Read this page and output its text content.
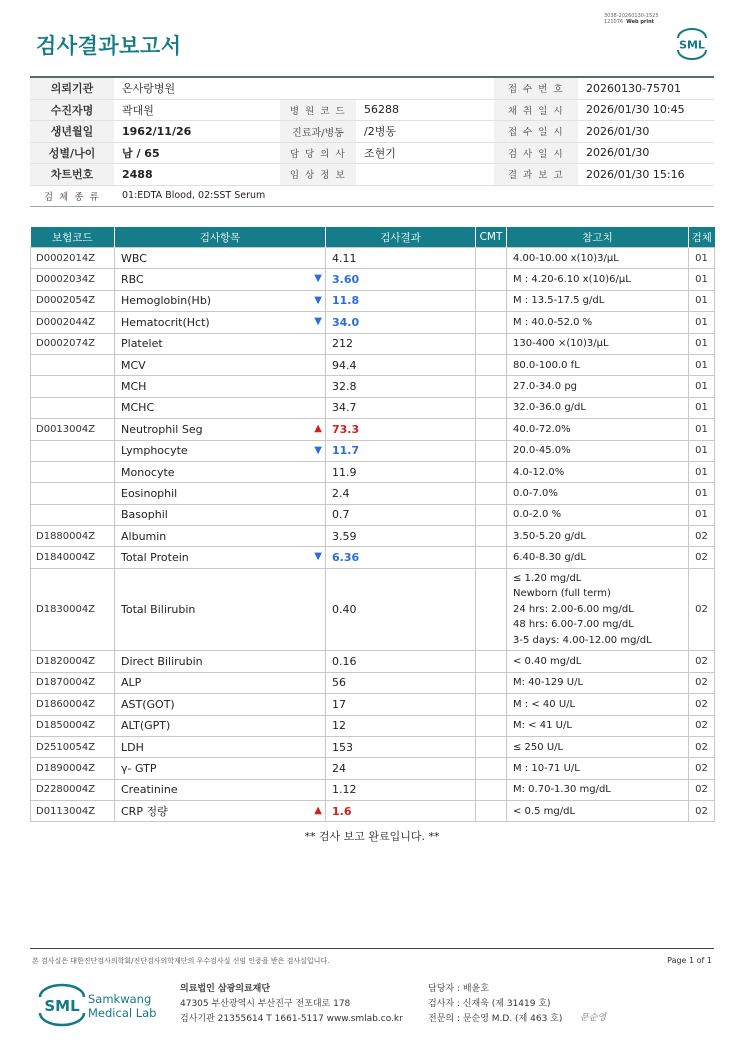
검사결과보고서
3038-20260130-1525
121076 Web print
SML
의뢰기관	온사랑병원			접 수 번 호	20260130-75701
수진자명	곽대원	병 원 코 드	56288	채 취 일 시	2026/01/30 10:45
생년월일	1962/11/26	진료과/병동	/2병동	접 수 일 시	2026/01/30
성별/나이	남 / 65	담 당 의 사	조현기	검 사 일 시	2026/01/30
차트번호	2488	임 상 정 보		결 과 보 고	2026/01/30 15:16
검 체 종 류	01:EDTA Blood, 02:SST Serum				
보험코드	검사항목	검사결과	CMT	참고치	검체
D0002014Z	WBC	4.11		4.00-10.00 x(10)3/μL	01
D0002034Z	RBC ▼	3.60		M : 4.20-6.10 x(10)6/μL	01
D0002054Z	Hemoglobin(Hb) ▼	11.8		M : 13.5-17.5 g/dL	01
D0002044Z	Hematocrit(Hct) ▼	34.0		M : 40.0-52.0 %	01
D0002074Z	Platelet	212		130-400 ×(10)3/μL	01
	MCV	94.4		80.0-100.0 fL	01
	MCH	32.8		27.0-34.0 pg	01
	MCHC	34.7		32.0-36.0 g/dL	01
D0013004Z	Neutrophil Seg ▲	73.3		40.0-72.0%	01
	Lymphocyte ▼	11.7		20.0-45.0%	01
	Monocyte	11.9		4.0-12.0%	01
	Eosinophil	2.4		0.0-7.0%	01
	Basophil	0.7		0.0-2.0 %	01
D1880004Z	Albumin	3.59		3.50-5.20 g/dL	02
D1840004Z	Total Protein ▼	6.36		6.40-8.30 g/dL	02
D1830004Z	Total Bilirubin	0.40		≤ 1.20 mg/dL
Newborn (full term)
24 hrs: 2.00-6.00 mg/dL
48 hrs: 6.00-7.00 mg/dL
3-5 days: 4.00-12.00 mg/dL	02
D1820004Z	Direct Bilirubin	0.16		< 0.40 mg/dL	02
D1870004Z	ALP	56		M: 40-129 U/L	02
D1860004Z	AST(GOT)	17		M : < 40 U/L	02
D1850004Z	ALT(GPT)	12		M: < 41 U/L	02
D2510054Z	LDH	153		≤ 250 U/L	02
D1890004Z	γ- GTP	24		M : 10-71 U/L	02
D2280004Z	Creatinine	1.12		M: 0.70-1.30 mg/dL	02
D0113004Z	CRP 정량 ▲	1.6		< 0.5 mg/dL	02
** 검사 보고 완료입니다. **
본 검사실은 대한진단검사의학회/진단검사의학재단의 우수검사실 신임 인증을 받은 검사실입니다.	Page 1 of 1
SML Samkwang
Medical Lab
의료법인 삼광의료재단
47305 부산광역시 부산진구 전포대로 178
검사기관 21355614 T 1661-5117 www.smlab.co.kr
담당자 : 배윤호
검사자 : 신재욱 (제 31419 호)
전문의 : 문순영 M.D. (제 463 호) 문순영
